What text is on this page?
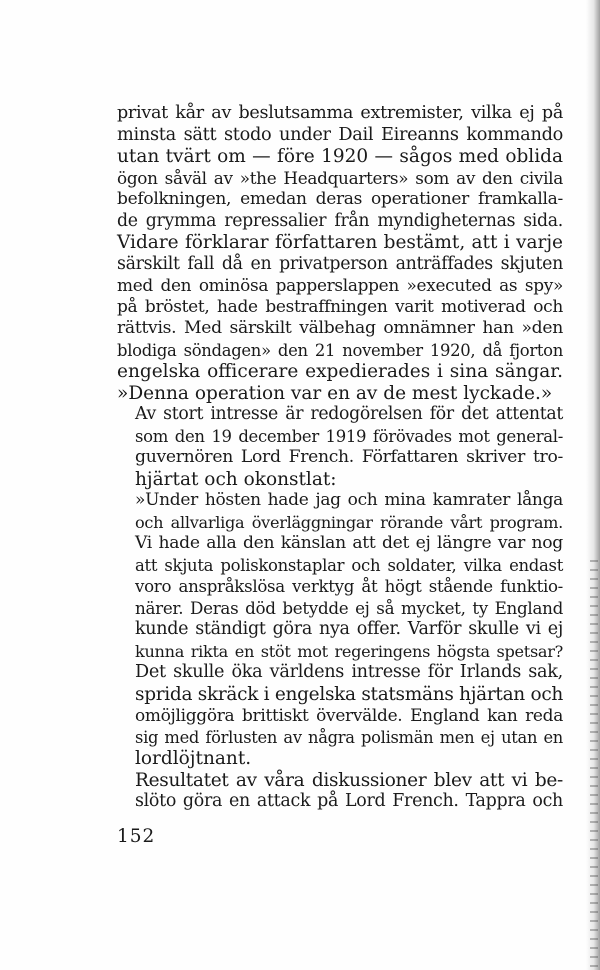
privat kår av beslutsamma extremister, vilka ej på
minsta sätt stodo under Dail Eireanns kommando
utan tvärt om — före 1920 — sågos med oblida
ögon såväl av »the Headquarters» som av den civila
befolkningen, emedan deras operationer framkalla-
de grymma repressalier från myndigheternas sida.
Vidare förklarar författaren bestämt, att i varje
särskilt fall då en privatperson anträffades skjuten
med den ominösa papperslappen »executed as spy»
på bröstet, hade bestraffningen varit motiverad och
rättvis. Med särskilt välbehag omnämner han »den
blodiga söndagen» den 21 november 1920, då fjorton
engelska officerare expedierades i sina sängar.
»Denna operation var en av de mest lyckade.»

Av stort intresse är redogörelsen för det attentat
som den 19 december 1919 förövades mot general-
guvernören Lord French. Författaren skriver tro-
hjärtat och okonstlat:

»Under hösten hade jag och mina kamrater långa
och allvarliga överläggningar rörande vårt program.
Vi hade alla den känslan att det ej längre var nog
att skjuta poliskonstaplar och soldater, vilka endast
voro anspråkslösa verktyg åt högt stående funktio-
närer. Deras död betydde ej så mycket, ty England
kunde ständigt göra nya offer. Varför skulle vi ej
kunna rikta en stöt mot regeringens högsta spetsar?
Det skulle öka världens intresse för Irlands sak,
sprida skräck i engelska statsmäns hjärtan och
omöjliggöra brittiskt övervälde. England kan reda
sig med förlusten av några polismän men ej utan en
lordlöjtnant.

Resultatet av våra diskussioner blev att vi be-
slöto göra en attack på Lord French. Tappra och

152
